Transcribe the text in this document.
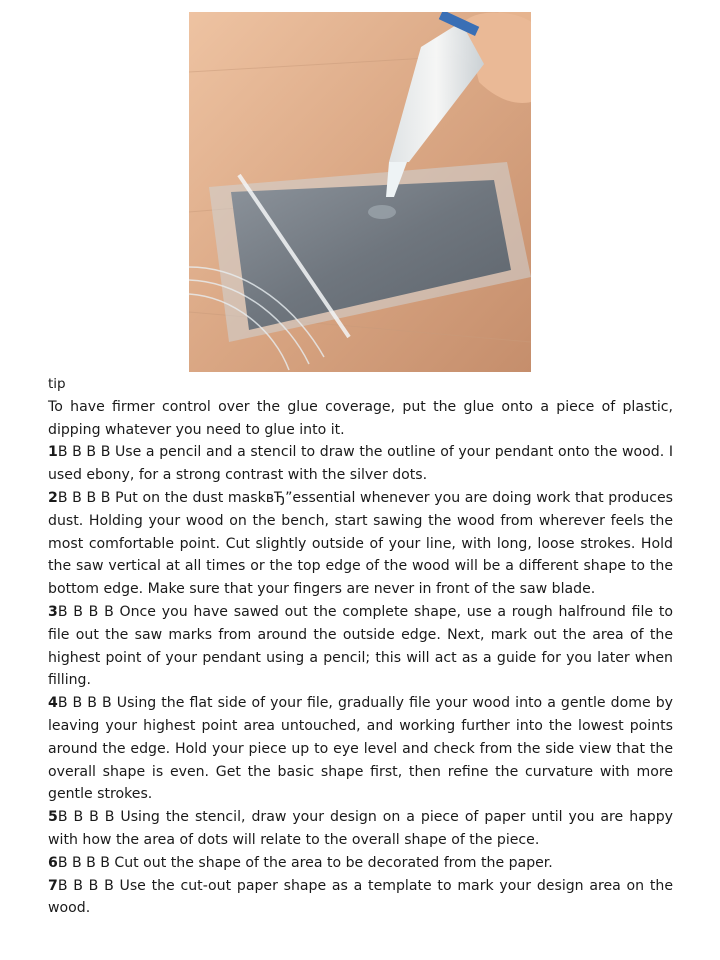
tip

To have firmer control over the glue coverage, put the glue onto a piece of plastic, dipping whatever you need to glue into it.

1В В В В Use a pencil and a stencil to draw the outline of your pendant onto the wood. I used ebony, for a strong contrast with the silver dots.

2В В В В Put on the dust maskвЂ”essential whenever you are doing work that produces dust. Holding your wood on the bench, start sawing the wood from wherever feels the most comfortable point. Cut slightly outside of your line, with long, loose strokes. Hold the saw vertical at all times or the top edge of the wood will be a different shape to the bottom edge. Make sure that your fingers are never in front of the saw blade.

3В В В В Once you have sawed out the complete shape, use a rough halfround file to file out the saw marks from around the outside edge. Next, mark out the area of the highest point of your pendant using a pencil; this will act as a guide for you later when filling.

4В В В В Using the flat side of your file, gradually file your wood into a gentle dome by leaving your highest point area untouched, and working further into the lowest points around the edge. Hold your piece up to eye level and check from the side view that the overall shape is even. Get the basic shape first, then refine the curvature with more gentle strokes.

5В В В В Using the stencil, draw your design on a piece of paper until you are happy with how the area of dots will relate to the overall shape of the piece.

6В В В В Cut out the shape of the area to be decorated from the paper.

7В В В В Use the cut-out paper shape as a template to mark your design area on the wood.
